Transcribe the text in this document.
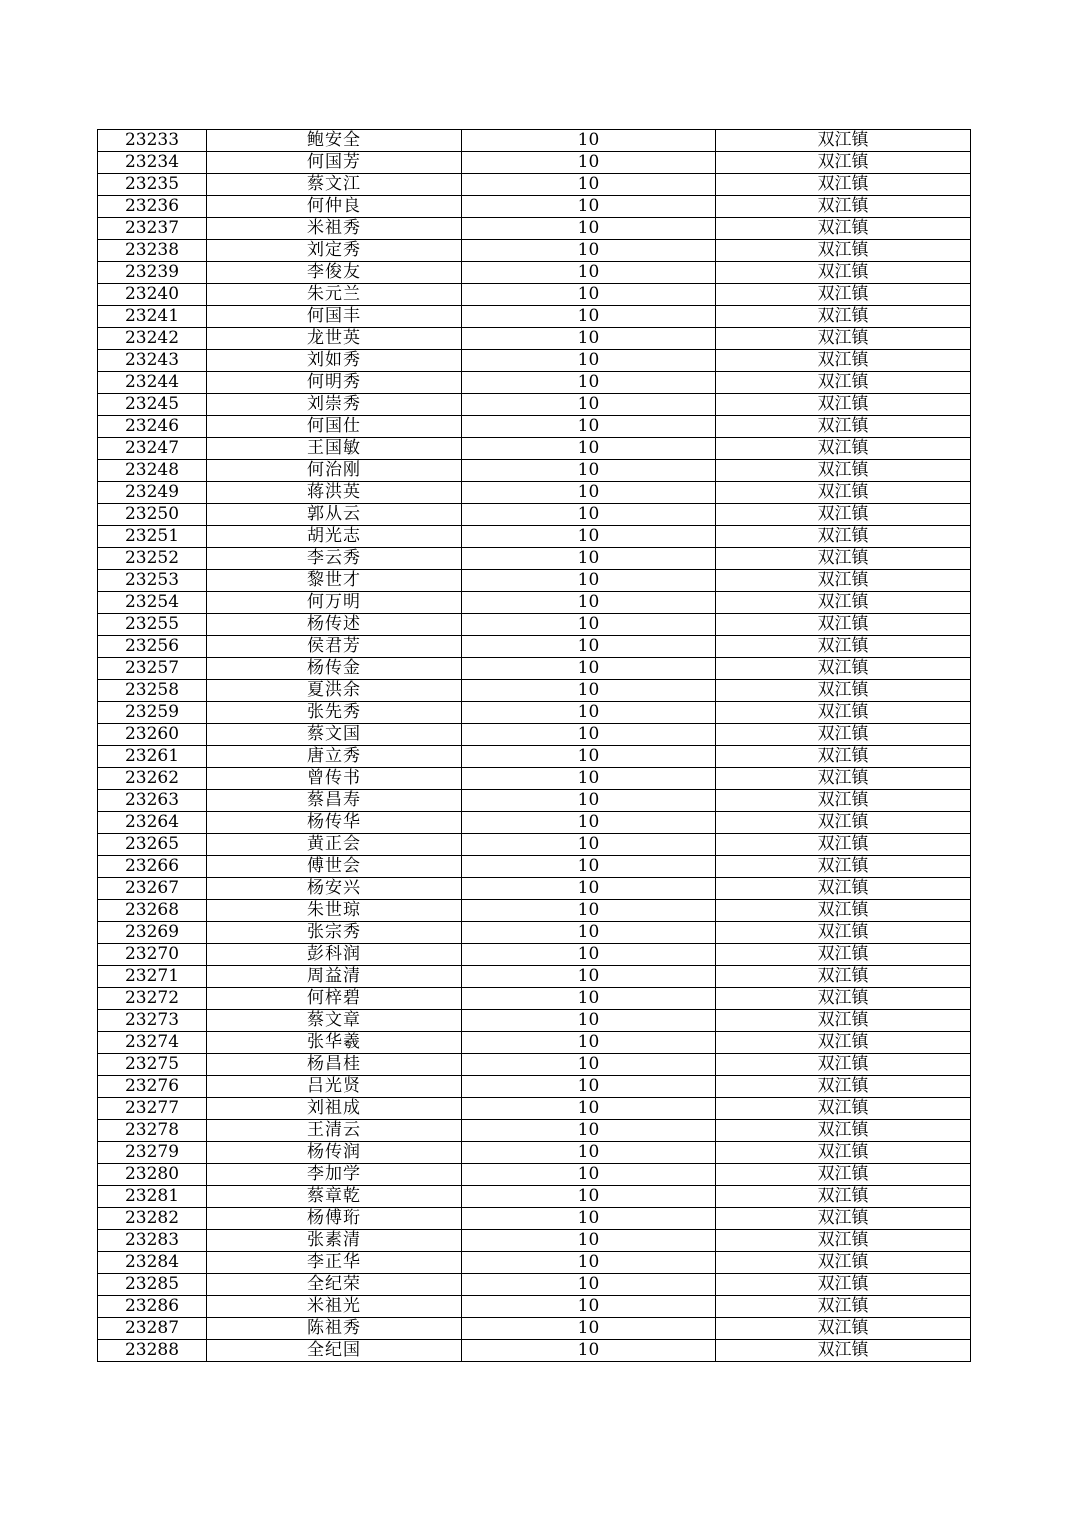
23233	鲍安全	10	双江镇
23234	何国芳	10	双江镇
23235	蔡文江	10	双江镇
23236	何仲良	10	双江镇
23237	米祖秀	10	双江镇
23238	刘定秀	10	双江镇
23239	李俊友	10	双江镇
23240	朱元兰	10	双江镇
23241	何国丰	10	双江镇
23242	龙世英	10	双江镇
23243	刘如秀	10	双江镇
23244	何明秀	10	双江镇
23245	刘崇秀	10	双江镇
23246	何国仕	10	双江镇
23247	王国敏	10	双江镇
23248	何治刚	10	双江镇
23249	蒋洪英	10	双江镇
23250	郭从云	10	双江镇
23251	胡光志	10	双江镇
23252	李云秀	10	双江镇
23253	黎世才	10	双江镇
23254	何万明	10	双江镇
23255	杨传述	10	双江镇
23256	侯君芳	10	双江镇
23257	杨传金	10	双江镇
23258	夏洪余	10	双江镇
23259	张先秀	10	双江镇
23260	蔡文国	10	双江镇
23261	唐立秀	10	双江镇
23262	曾传书	10	双江镇
23263	蔡昌寿	10	双江镇
23264	杨传华	10	双江镇
23265	黄正会	10	双江镇
23266	傅世会	10	双江镇
23267	杨安兴	10	双江镇
23268	朱世琼	10	双江镇
23269	张宗秀	10	双江镇
23270	彭科润	10	双江镇
23271	周益清	10	双江镇
23272	何梓碧	10	双江镇
23273	蔡文章	10	双江镇
23274	张华羲	10	双江镇
23275	杨昌桂	10	双江镇
23276	吕光贤	10	双江镇
23277	刘祖成	10	双江镇
23278	王清云	10	双江镇
23279	杨传润	10	双江镇
23280	李加学	10	双江镇
23281	蔡章乾	10	双江镇
23282	杨傅珩	10	双江镇
23283	张素清	10	双江镇
23284	李正华	10	双江镇
23285	全纪荣	10	双江镇
23286	米祖光	10	双江镇
23287	陈祖秀	10	双江镇
23288	全纪国	10	双江镇
